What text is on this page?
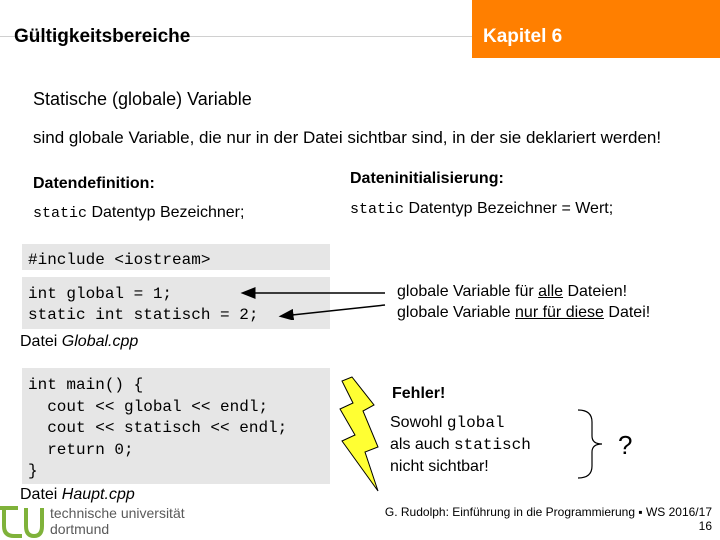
Gültigkeitsbereiche	Kapitel 6
Statische (globale) Variable
sind globale Variable, die nur in der Datei sichtbar sind, in der sie deklariert werden!
Datendefinition:
static Datentyp Bezeichner;
Dateninitialisierung:
static Datentyp Bezeichner = Wert;
#include <iostream>
int global = 1;
static int statisch = 2;
Datei Global.cpp
int main() {
cout << global << endl;
cout << statisch << endl;
return 0;
}
Datei Haupt.cpp
globale Variable für alle Dateien!
globale Variable nur für diese Datei!
Fehler!
Sowohl global
als auch statisch
nicht sichtbar!
?
technische universität
dortmund
G. Rudolph: Einführung in die Programmierung ▪ WS 2016/17
16
